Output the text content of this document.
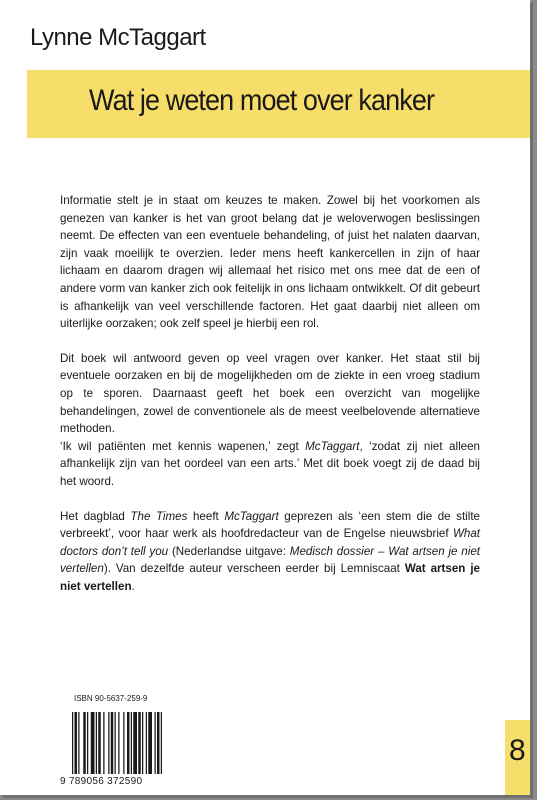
Lynne McTaggart
Wat je weten moet over kanker

Informatie stelt je in staat om keuzes te maken. Zowel bij het voorkomen als genezen van kanker is het van groot belang dat je weloverwogen beslissingen neemt. De effecten van een eventuele behandeling, of juist het nalaten daarvan, zijn vaak moeilijk te overzien. Ieder mens heeft kankercellen in zijn of haar lichaam en daarom dragen wij allemaal het risico met ons mee dat de een of andere vorm van kanker zich ook feitelijk in ons lichaam ontwikkelt. Of dit gebeurt is afhankelijk van veel verschillende factoren. Het gaat daarbij niet alleen om uiterlijke oorzaken; ook zelf speel je hierbij een rol.

Dit boek wil antwoord geven op veel vragen over kanker. Het staat stil bij eventuele oorzaken en bij de mogelijkheden om de ziekte in een vroeg stadium op te sporen. Daarnaast geeft het boek een overzicht van mogelijke behandelingen, zowel de conventionele als de meest veelbelovende alternatieve methoden.

‘Ik wil patiënten met kennis wapenen,’ zegt McTaggart, ‘zodat zij niet alleen afhankelijk zijn van het oordeel van een arts.’ Met dit boek voegt zij de daad bij het woord.

Het dagblad The Times heeft McTaggart geprezen als ‘een stem die de stilte verbreekt’, voor haar werk als hoofdredacteur van de Engelse nieuwsbrief What doctors don’t tell you (Nederlandse uitgave: Medisch dossier – Wat artsen je niet vertellen). Van dezelfde auteur verscheen eerder bij Lemniscaat Wat artsen je niet vertellen.

ISBN 90-5637-259-9
9 789056 372590
8
